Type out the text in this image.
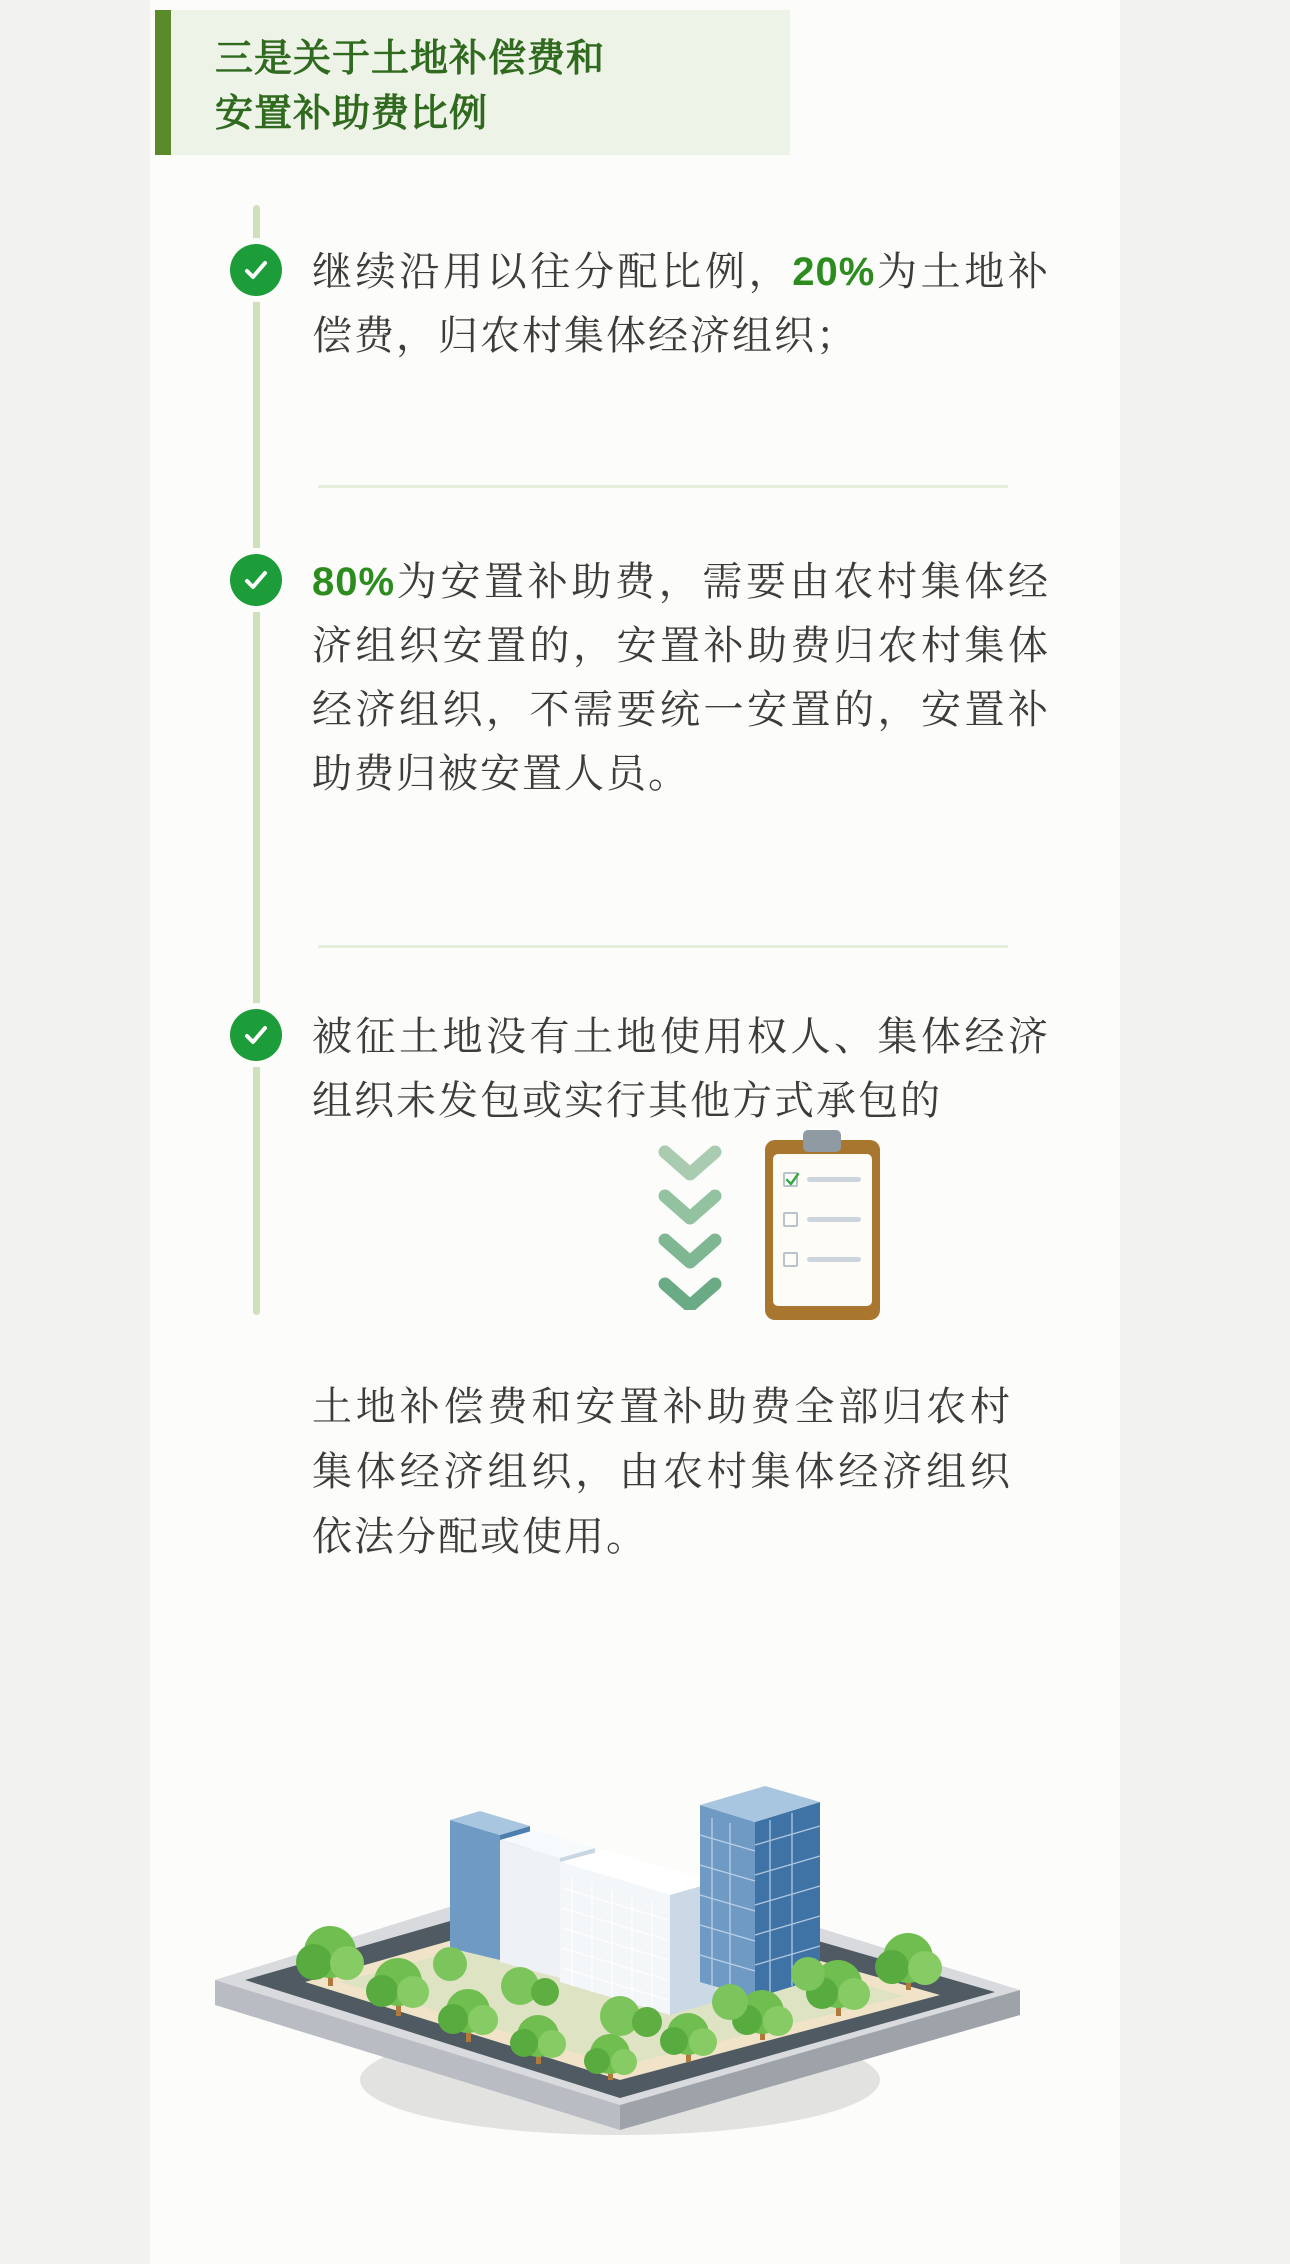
三是关于土地补偿费和
安置补助费比例
继续沿用以往分配比例，20%为土地补偿费，归农村集体经济组织；
80%为安置补助费，需要由农村集体经济组织安置的，安置补助费归农村集体经济组织，不需要统一安置的，安置补助费归被安置人员。
被征土地没有土地使用权人、集体经济组织未发包或实行其他方式承包的
土地补偿费和安置补助费全部归农村集体经济组织，由农村集体经济组织依法分配或使用。
